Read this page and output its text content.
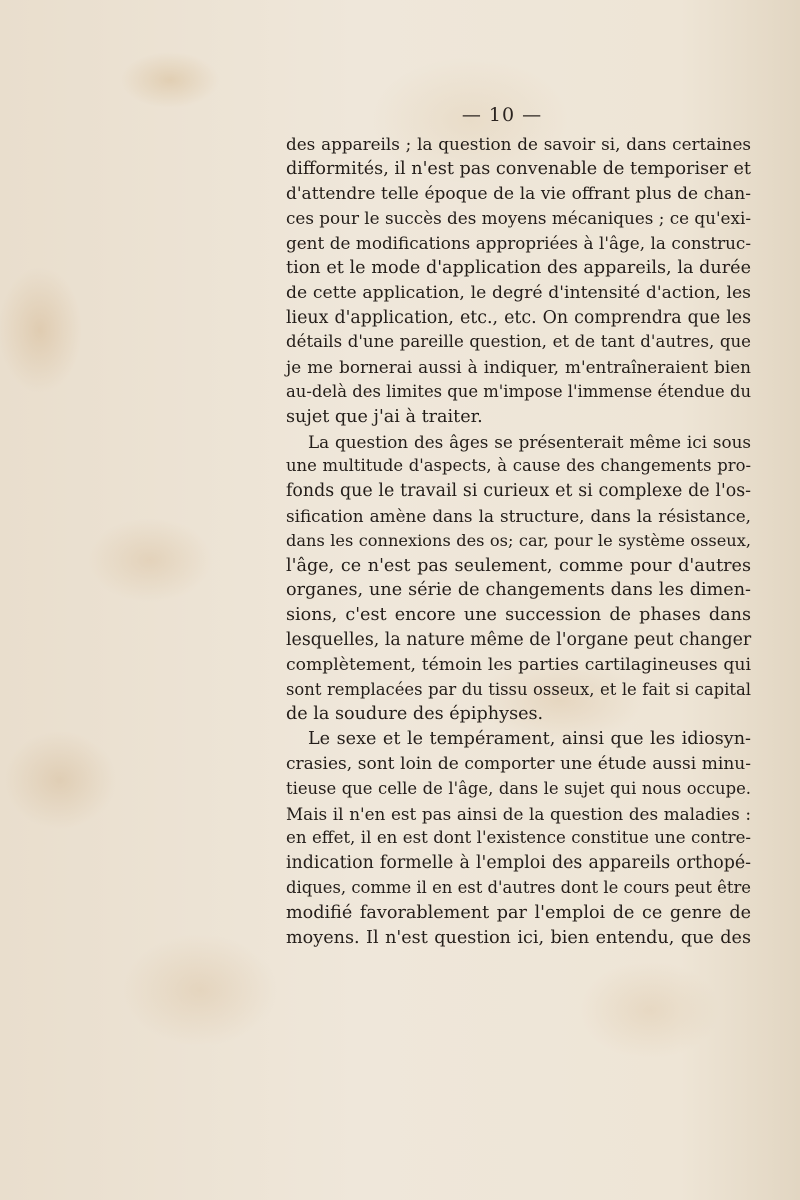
— 10 —
des appareils ; la question de savoir si, dans certaines
difformités, il n'est pas convenable de temporiser et
d'attendre telle époque de la vie offrant plus de chan-
ces pour le succès des moyens mécaniques ; ce qu'exi-
gent de modifications appropriées à l'âge, la construc-
tion et le mode d'application des appareils, la durée
de cette application, le degré d'intensité d'action, les
lieux d'application, etc., etc. On comprendra que les
détails d'une pareille question, et de tant d'autres, que
je me bornerai aussi à indiquer, m'entraîneraient bien
au-delà des limites que m'impose l'immense étendue du
sujet que j'ai à traiter.
La question des âges se présenterait même ici sous
une multitude d'aspects, à cause des changements pro-
fonds que le travail si curieux et si complexe de l'os-
sification amène dans la structure, dans la résistance,
dans les connexions des os; car, pour le système osseux,
l'âge, ce n'est pas seulement, comme pour d'autres
organes, une série de changements dans les dimen-
sions, c'est encore une succession de phases dans
lesquelles, la nature même de l'organe peut changer
complètement, témoin les parties cartilagineuses qui
sont remplacées par du tissu osseux, et le fait si capital
de la soudure des épiphyses.
Le sexe et le tempérament, ainsi que les idiosyn-
crasies, sont loin de comporter une étude aussi minu-
tieuse que celle de l'âge, dans le sujet qui nous occupe.
Mais il n'en est pas ainsi de la question des maladies :
en effet, il en est dont l'existence constitue une contre-
indication formelle à l'emploi des appareils orthopé-
diques, comme il en est d'autres dont le cours peut être
modifié favorablement par l'emploi de ce genre de
moyens. Il n'est question ici, bien entendu, que des
